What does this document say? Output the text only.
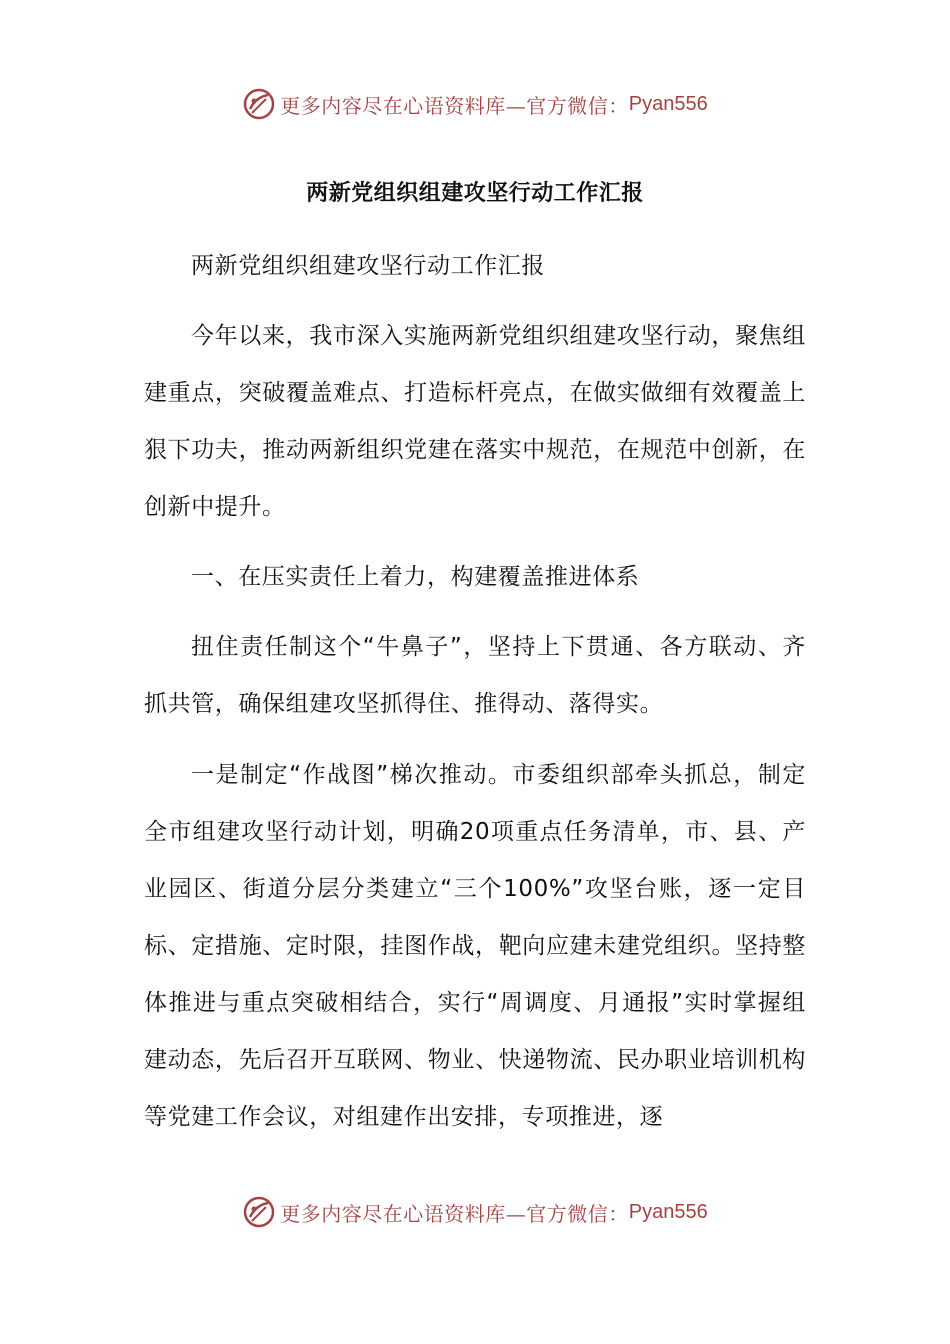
更多内容尽在心语资料库—官方微信： Pyan556
两新党组织组建攻坚行动工作汇报

两新党组织组建攻坚行动工作汇报

今年以来，我市深入实施两新党组织组建攻坚行动，聚焦组建重点，突破覆盖难点、打造标杆亮点，在做实做细有效覆盖上狠下功夫，推动两新组织党建在落实中规范，在规范中创新，在创新中提升。

一、在压实责任上着力，构建覆盖推进体系

扭住责任制这个“牛鼻子”，坚持上下贯通、各方联动、齐抓共管，确保组建攻坚抓得住、推得动、落得实。

一是制定“作战图”梯次推动。市委组织部牵头抓总，制定全市组建攻坚行动计划，明确20项重点任务清单，市、县、产业园区、街道分层分类建立“三个100%”攻坚台账，逐一定目标、定措施、定时限，挂图作战，靶向应建未建党组织。坚持整体推进与重点突破相结合，实行“周调度、月通报”实时掌握组建动态，先后召开互联网、物业、快递物流、民办职业培训机构等党建工作会议，对组建作出安排，专项推进，逐

更多内容尽在心语资料库—官方微信： Pyan556
